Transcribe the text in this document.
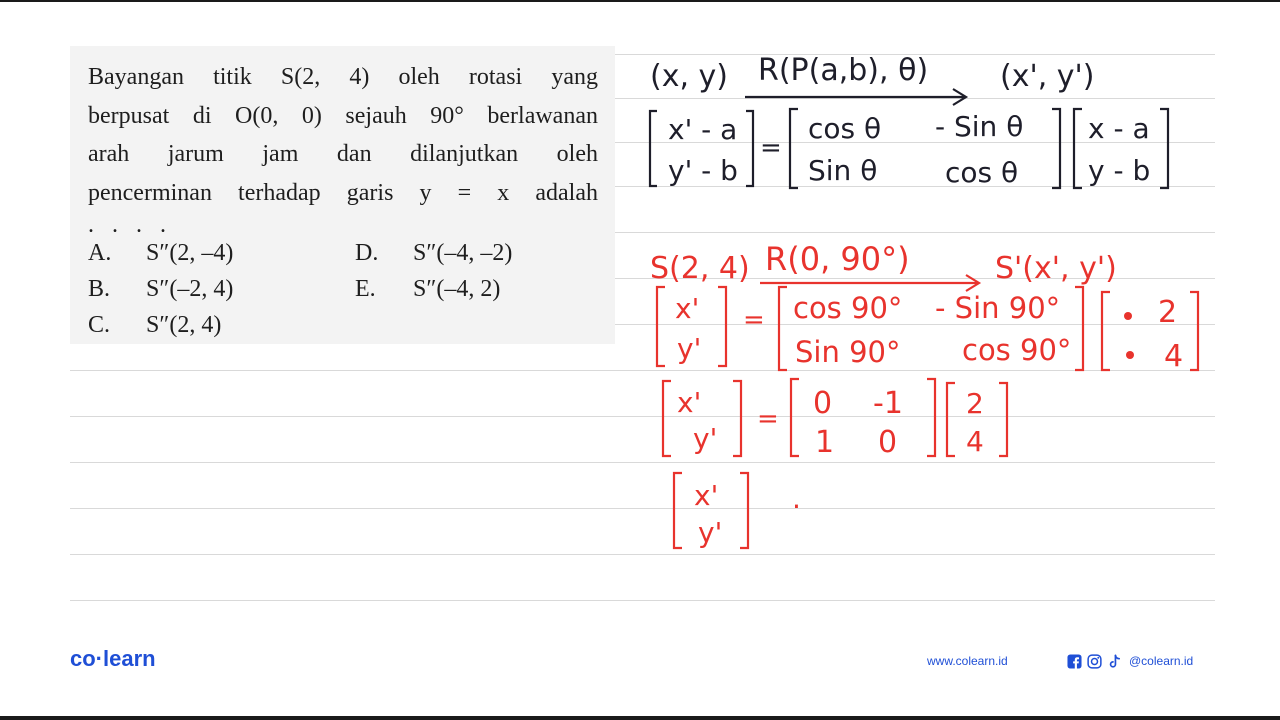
Bayangan titik S(2, 4) oleh rotasi yang
berpusat di O(0, 0) sejauh 90° berlawanan
arah jarum jam dan dilanjutkan oleh
pencerminan terhadap garis y = x adalah
. . . .
A. S″(2, –4)
B. S″(–2, 4)
C. S″(2, 4)
D. S″(–4, –2)
E. S″(–4, 2)
(x, y) R(P(a,b), θ) (x', y')
x' - a
y' - b
=
cos θ - Sin θ
Sin θ cos θ
x - a
y - b
S(2, 4) R(0, 90°)	S'(x', y')
x'
y'
= cos 90° - Sin 90°
Sin 90° cos 90°
2
4
x'
y'
= 0 -1
1 0
2
4
x'
y'
.
co·learn	www.colearn.id	@colearn.id
